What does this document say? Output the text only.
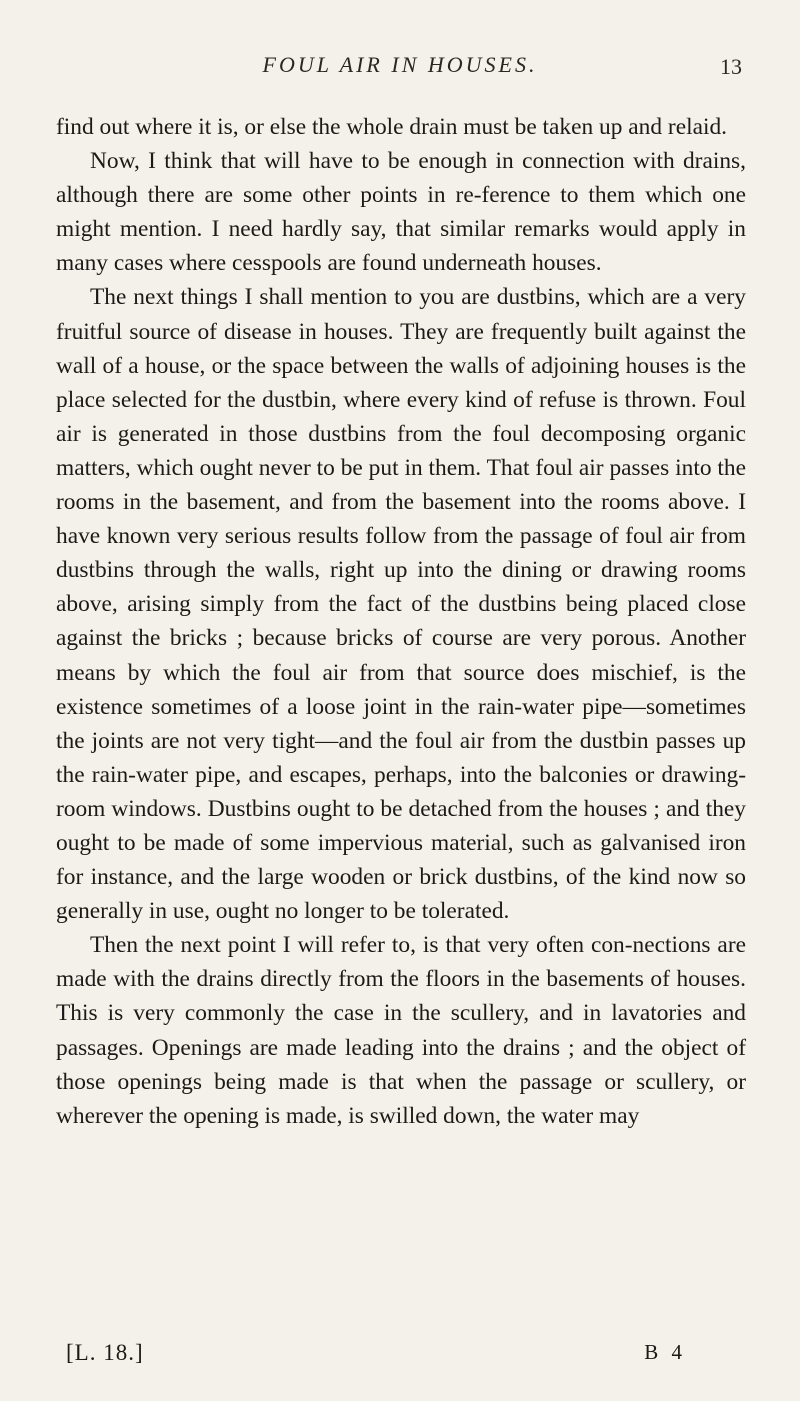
FOUL AIR IN HOUSES.	13

find out where it is, or else the whole drain must be taken up and relaid.

Now, I think that will have to be enough in connection with drains, although there are some other points in re-ference to them which one might mention. I need hardly say, that similar remarks would apply in many cases where cesspools are found underneath houses.

The next things I shall mention to you are dustbins, which are a very fruitful source of disease in houses. They are frequently built against the wall of a house, or the space between the walls of adjoining houses is the place selected for the dustbin, where every kind of refuse is thrown. Foul air is generated in those dustbins from the foul decomposing organic matters, which ought never to be put in them. That foul air passes into the rooms in the basement, and from the basement into the rooms above. I have known very serious results follow from the passage of foul air from dustbins through the walls, right up into the dining or drawing rooms above, arising simply from the fact of the dustbins being placed close against the bricks ; because bricks of course are very porous. Another means by which the foul air from that source does mischief, is the existence sometimes of a loose joint in the rain-water pipe—sometimes the joints are not very tight—and the foul air from the dustbin passes up the rain-water pipe, and escapes, perhaps, into the balconies or drawing-room windows. Dustbins ought to be detached from the houses ; and they ought to be made of some impervious material, such as galvanised iron for instance, and the large wooden or brick dustbins, of the kind now so generally in use, ought no longer to be tolerated.

Then the next point I will refer to, is that very often con-nections are made with the drains directly from the floors in the basements of houses. This is very commonly the case in the scullery, and in lavatories and passages. Openings are made leading into the drains ; and the object of those openings being made is that when the passage or scullery, or wherever the opening is made, is swilled down, the water may

[L. 18.]	B 4
